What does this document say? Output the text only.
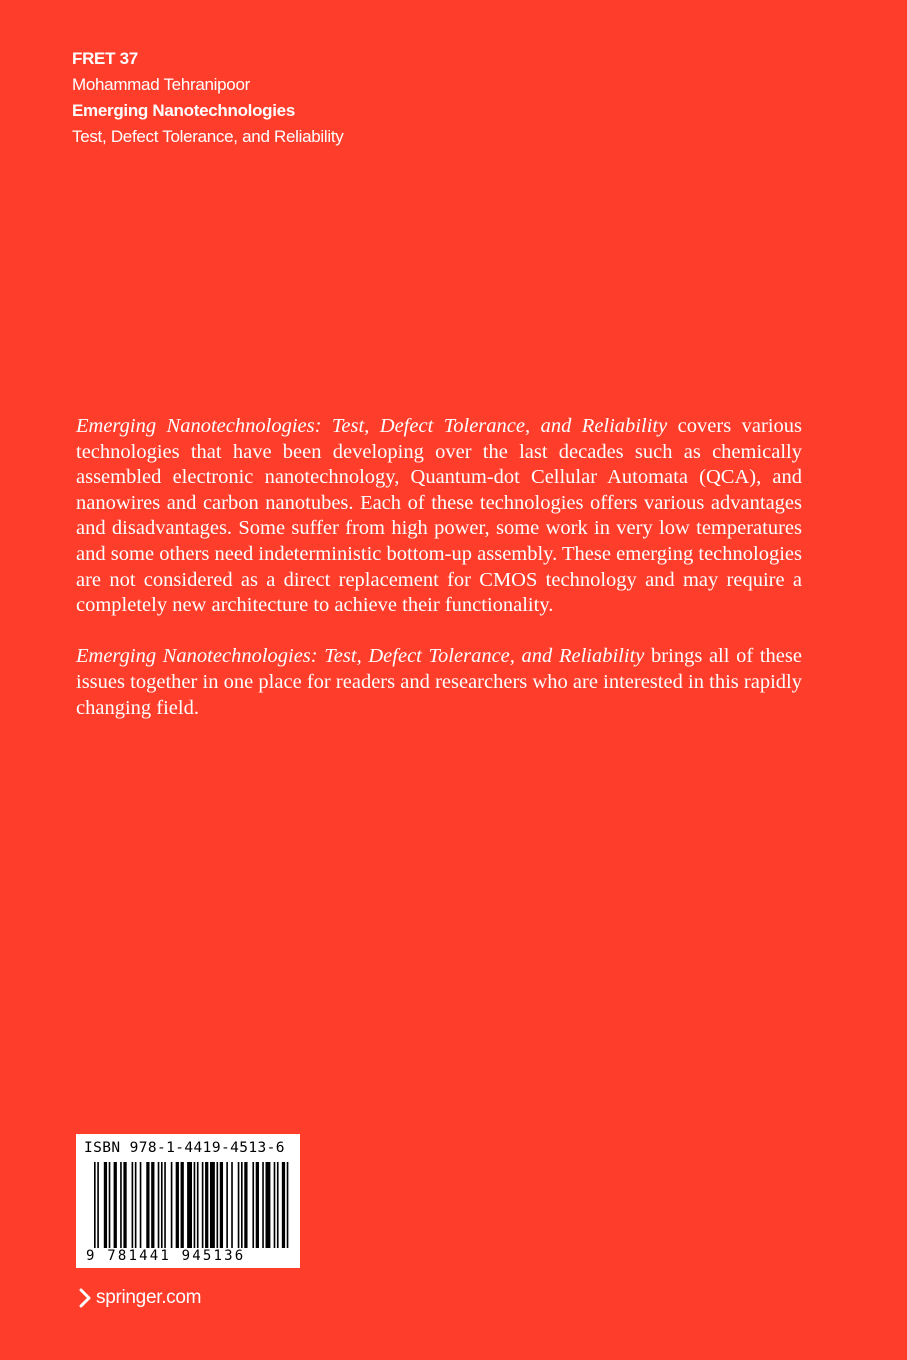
FRET 37
Mohammad Tehranipoor
Emerging Nanotechnologies
Test, Defect Tolerance, and Reliability

Emerging Nanotechnologies: Test, Defect Tolerance, and Reliability covers various technologies that have been developing over the last decades such as chemically assembled electronic nanotechnology, Quantum-dot Cellular Automata (QCA), and nanowires and carbon nanotubes. Each of these technologies offers various advantages and disadvantages. Some suffer from high power, some work in very low temperatures and some others need indeterministic bottom-up assembly. These emerging technologies are not considered as a direct replacement for CMOS technology and may require a completely new architecture to achieve their functionality.

Emerging Nanotechnologies: Test, Defect Tolerance, and Reliability brings all of these issues together in one place for readers and researchers who are interested in this rapidly changing field.

ISBN 978-1-4419-4513-6
9 781441 945136
springer.com
